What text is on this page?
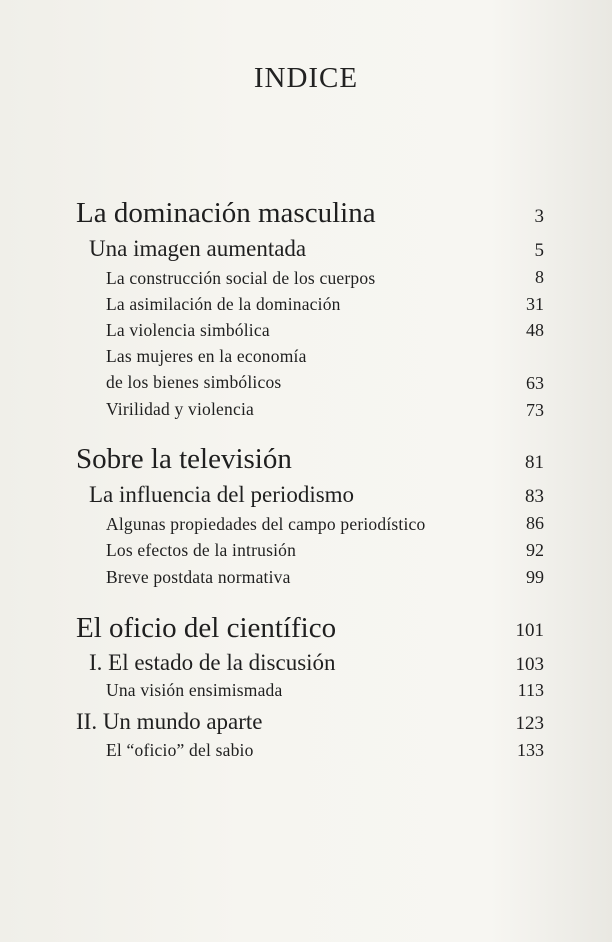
INDICE
La dominación masculina	3
Una imagen aumentada	5
La construcción social de los cuerpos	8
La asimilación de la dominación	31
La violencia simbólica	48
Las mujeres en la economía
de los bienes simbólicos	63
Virilidad y violencia	73
Sobre la televisión	81
La influencia del periodismo	83
Algunas propiedades del campo periodístico	86
Los efectos de la intrusión	92
Breve postdata normativa	99
El oficio del científico	101
I. El estado de la discusión	103
Una visión ensimismada	113
II. Un mundo aparte	123
El “oficio” del sabio	133
